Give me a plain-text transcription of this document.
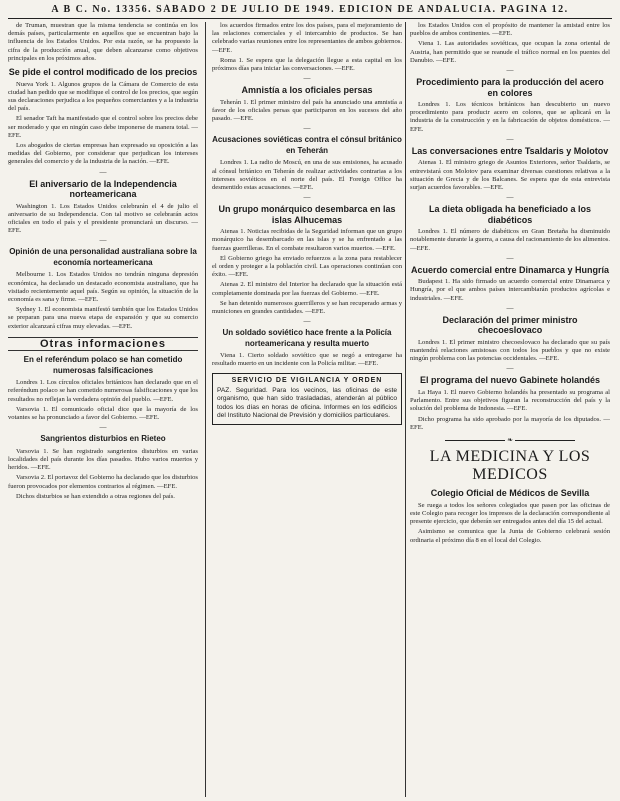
A B C. No. 13356. SÁBADO 2 DE JULIO DE 1949. EDICION DE ANDALUCIA. PAGINA 12.

de Truman, muestran que la misma tendencia se continúa en los demás países, particularmente en aquellos que se encuentran bajo la influencia de los Estados Unidos. Por esta razón, se ha propuesto la cifra de la producción anual, que deben alcanzarse como objetivos principales en los próximos años.

Se pide el control modificado de los precios

Nueva York 1. Algunos grupos de la Cámara de Comercio de esta ciudad han pedido que se modifique el control de los precios, que según sus declaraciones perjudica a los pequeños comerciantes y a la industria del país.

El senador Taft ha manifestado que el control sobre los precios debe ser moderado y que en ningún caso debe imponerse de manera total. —EFE.

Los abogados de ciertas empresas han expresado su oposición a las medidas del Gobierno, por considerar que perjudican los intereses generales del comercio y de la industria de la nación. —EFE.

—
El aniversario de la Independencia norteamericana

Washington 1. Los Estados Unidos celebrarán el 4 de julio el aniversario de su Independencia. Con tal motivo se celebrarán actos oficiales en todo el país y el presidente pronunciará un discurso. —EFE.

—
Opinión de una personalidad australiana sobre la economía norteamericana

Melbourne 1. Los Estados Unidos no tendrán ninguna depresión económica, ha declarado un destacado economista australiano, que ha visitado recientemente aquel país. Según su opinión, la situación de la economía es sana y firme. —EFE.

Sydney 1. El economista manifestó también que los Estados Unidos se preparan para una nueva etapa de expansión y que su comercio exterior alcanzará cifras muy elevadas. —EFE.

Otras informaciones
En el referéndum polaco se han cometido numerosas falsificaciones

Londres 1. Los círculos oficiales británicos han declarado que en el referéndum polaco se han cometido numerosas falsificaciones y que los resultados no reflejan la verdadera opinión del pueblo. —EFE.

Varsovia 1. El comunicado oficial dice que la mayoría de los votantes se ha pronunciado a favor del Gobierno. —EFE.

—
Sangrientos disturbios en Rieteo

Varsovia 1. Se han registrado sangrientos disturbios en varias localidades del país durante los días pasados. Hubo varios muertos y heridos. —EFE.

Varsovia 2. El portavoz del Gobierno ha declarado que los disturbios fueron provocados por elementos contrarios al régimen. —EFE.

Dichos disturbios se han extendido a otras regiones del país.

los acuerdos firmados entre los dos países, para el mejoramiento de las relaciones comerciales y el intercambio de productos. Se han celebrado varias reuniones entre los representantes de ambos gobiernos. —EFE.

Roma 1. Se espera que la delegación llegue a esta capital en los próximos días para iniciar las conversaciones. —EFE.

—
Amnistía a los oficiales persas

Teherán 1. El primer ministro del país ha anunciado una amnistía a favor de los oficiales persas que participaron en los sucesos del año pasado. —EFE.

—
Acusaciones soviéticas contra el cónsul británico en Teherán

Londres 1. La radio de Moscú, en una de sus emisiones, ha acusado al cónsul británico en Teherán de realizar actividades contrarias a los intereses soviéticos en el norte del país. El Foreign Office ha desmentido estas acusaciones. —EFE.

—
Un grupo monárquico desembarca en las islas Alhucemas

Atenas 1. Noticias recibidas de la Seguridad informan que un grupo monárquico ha desembarcado en las islas y se ha enfrentado a las fuerzas guerrilleras. En el combate resultaron varios muertos. —EFE.

El Gobierno griego ha enviado refuerzos a la zona para restablecer el orden y proteger a la población civil. Las operaciones continúan con éxito. —EFE.

Atenas 2. El ministro del Interior ha declarado que la situación está completamente dominada por las fuerzas del Gobierno. —EFE.

Se han detenido numerosos guerrilleros y se han recuperado armas y municiones en grandes cantidades. —EFE.

—
Un soldado soviético hace frente a la Policía norteamericana y resulta muerto

Viena 1. Cierto soldado soviético que se negó a entregarse ha resultado muerto en un incidente con la Policía militar. —EFE.

SERVICIO DE VIGILANCIA Y ORDEN
PAZ. Seguridad. Para los vecinos, las oficinas de este organismo, que han sido trasladadas, atenderán al público todos los días en horas de oficina. Informes en los edificios del Instituto Nacional de Previsión y domicilios particulares.

los Estados Unidos con el propósito de mantener la amistad entre los pueblos de ambos continentes. —EFE.

Viena 1. Las autoridades soviéticas, que ocupan la zona oriental de Austria, han permitido que se reanude el tráfico normal en los puentes del Danubio. —EFE.

—
Procedimiento para la producción del acero en colores

Londres 1. Los técnicos británicos han descubierto un nuevo procedimiento para producir acero en colores, que se aplicará en la industria de la construcción y en la fabricación de objetos domésticos. —EFE.

—
Las conversaciones entre Tsaldaris y Molotov

Atenas 1. El ministro griego de Asuntos Exteriores, señor Tsaldaris, se entrevistará con Molotov para examinar diversas cuestiones relativas a la situación de Grecia y de los Balcanes. Se espera que de esta entrevista surjan acuerdos favorables. —EFE.

—
La dieta obligada ha beneficiado a los diabéticos

Londres 1. El número de diabéticos en Gran Bretaña ha disminuido notablemente durante la guerra, a causa del racionamiento de los alimentos. —EFE.

—
Acuerdo comercial entre Dinamarca y Hungría

Budapest 1. Ha sido firmado un acuerdo comercial entre Dinamarca y Hungría, por el que ambos países intercambiarán productos agrícolas e industriales. —EFE.

—
Declaración del primer ministro checoeslovaco

Londres 1. El primer ministro checoeslovaco ha declarado que su país mantendrá relaciones amistosas con todos los pueblos y que no existe ningún problema con las potencias occidentales. —EFE.

—
El programa del nuevo Gabinete holandés

La Haya 1. El nuevo Gobierno holandés ha presentado su programa al Parlamento. Entre sus objetivos figuran la reconstrucción del país y la solución del problema de Indonesia. —EFE.

Dicho programa ha sido aprobado por la mayoría de los diputados. —EFE.

❧
LA MEDICINA Y LOS MEDICOS
Colegio Oficial de Médicos de Sevilla

Se ruega a todos los señores colegiados que pasen por las oficinas de este Colegio para recoger los impresos de la declaración correspondiente al presente ejercicio, que deberán ser entregados antes del día 15 del actual.

Asimismo se comunica que la Junta de Gobierno celebrará sesión ordinaria el próximo día 8 en el local del Colegio.
